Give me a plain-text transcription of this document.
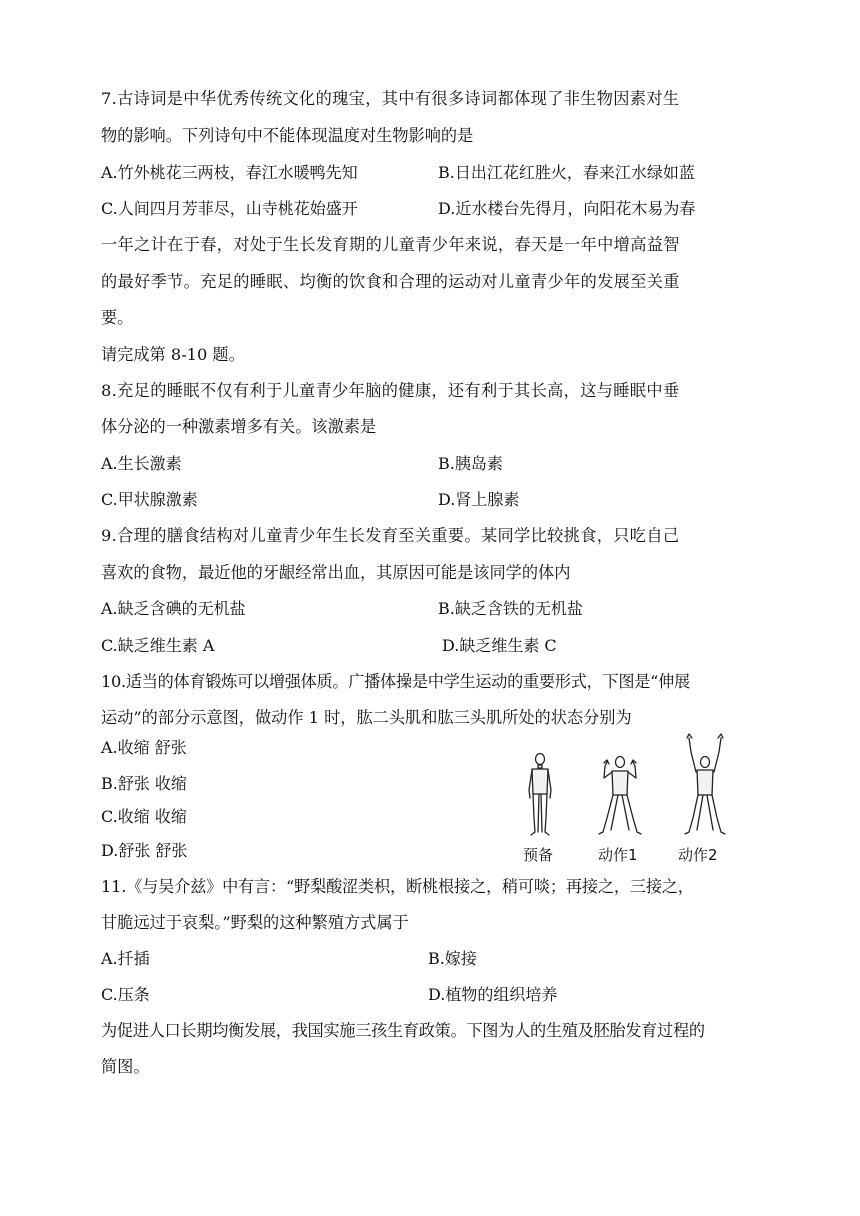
7.古诗词是中华优秀传统文化的瑰宝，其中有很多诗词都体现了非生物因素对生
物的影响。下列诗句中不能体现温度对生物影响的是
A.竹外桃花三两枝，春江水暖鸭先知	B.日出江花红胜火，春来江水绿如蓝
C.人间四月芳菲尽，山寺桃花始盛开	D.近水楼台先得月，向阳花木易为春
一年之计在于春，对处于生长发育期的儿童青少年来说，春天是一年中增高益智
的最好季节。充足的睡眠、均衡的饮食和合理的运动对儿童青少年的发展至关重
要。
请完成第 8-10 题。
8.充足的睡眠不仅有利于儿童青少年脑的健康，还有利于其长高，这与睡眠中垂
体分泌的一种激素增多有关。该激素是
A.生长激素	B.胰岛素
C.甲状腺激素	D.肾上腺素
9.合理的膳食结构对儿童青少年生长发育至关重要。某同学比较挑食，只吃自己
喜欢的食物，最近他的牙龈经常出血，其原因可能是该同学的体内
A.缺乏含碘的无机盐	B.缺乏含铁的无机盐
C.缺乏维生素 A	D.缺乏维生素 C
10.适当的体育锻炼可以增强体质。广播体操是中学生运动的重要形式，下图是“伸展
运动”的部分示意图，做动作 1 时，肱二头肌和肱三头肌所处的状态分别为
A.收缩 舒张
B.舒张 收缩
C.收缩 收缩
D.舒张 舒张	预备	动作1	动作2
11.《与吴介兹》中有言：“野梨酸涩类枳，断桃根接之，稍可啖；再接之，三接之，
甘脆远过于哀梨。”野梨的这种繁殖方式属于
A.扦插	B.嫁接
C.压条	D.植物的组织培养
为促进人口长期均衡发展，我国实施三孩生育政策。下图为人的生殖及胚胎发育过程的
简图。
